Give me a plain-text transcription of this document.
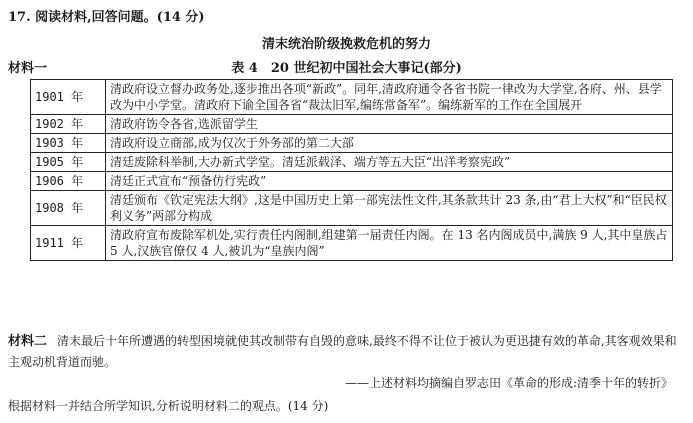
17. 阅读材料,回答问题。(14 分)
清末统治阶级挽救危机的努力
材料一	表 4　20 世纪初中国社会大事记(部分)
1901 年	清政府设立督办政务处,逐步推出各项“新政”。同年,清政府通令各省书院一律改为大学堂,各府、州、县学改为中小学堂。清政府下谕全国各省“裁汰旧军,编练常备军”。编练新军的工作在全国展开
1902 年	清政府饬令各省,选派留学生
1903 年	清政府设立商部,成为仅次于外务部的第二大部
1905 年	清廷废除科举制,大办新式学堂。清廷派载泽、端方等五大臣“出洋考察宪政”
1906 年	清廷正式宣布“预备仿行宪政”
1908 年	清廷颁布《钦定宪法大纲》,这是中国历史上第一部宪法性文件,其条款共计 23 条,由“君上大权”和“臣民权利义务”两部分构成
1911 年	清政府宣布废除军机处,实行责任内阁制,组建第一届责任内阁。在 13 名内阁成员中,满族 9 人,其中皇族占 5 人,汉族官僚仅 4 人,被讥为“皇族内阁”
材料二 清末最后十年所遭遇的转型困境就使其改制带有自毁的意味,最终不得不让位于被认为更迅捷有效的革命,其客观效果和主观动机背道而驰。
——上述材料均摘编自罗志田《革命的形成:清季十年的转折》
根据材料一并结合所学知识,分析说明材料二的观点。(14 分)
